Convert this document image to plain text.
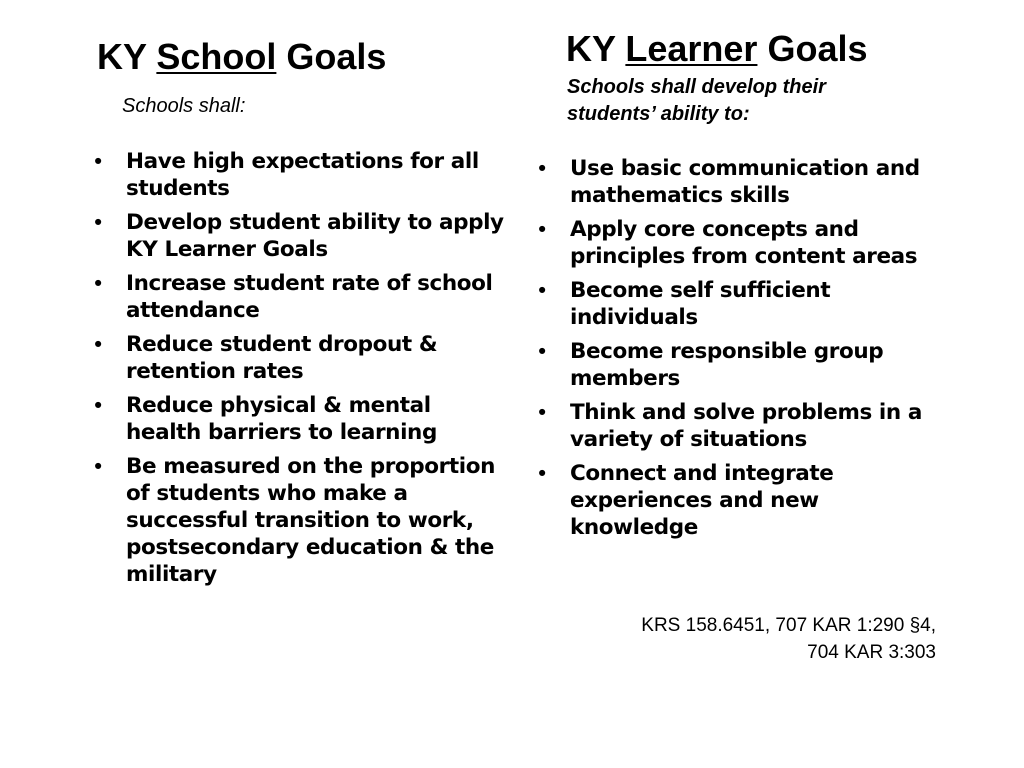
KY School Goals
Schools shall:
• Have high expectations for all students
• Develop student ability to apply KY Learner Goals
• Increase student rate of school attendance
• Reduce student dropout & retention rates
• Reduce physical & mental health barriers to learning
• Be measured on the proportion of students who make a successful transition to work, postsecondary education & the military
KY Learner Goals
Schools shall develop their students’ ability to:
• Use basic communication and mathematics skills
• Apply core concepts and principles from content areas
• Become self sufficient individuals
• Become responsible group members
• Think and solve problems in a variety of situations
• Connect and integrate experiences and new knowledge
KRS 158.6451, 707 KAR 1:290 §4,
704 KAR 3:303
